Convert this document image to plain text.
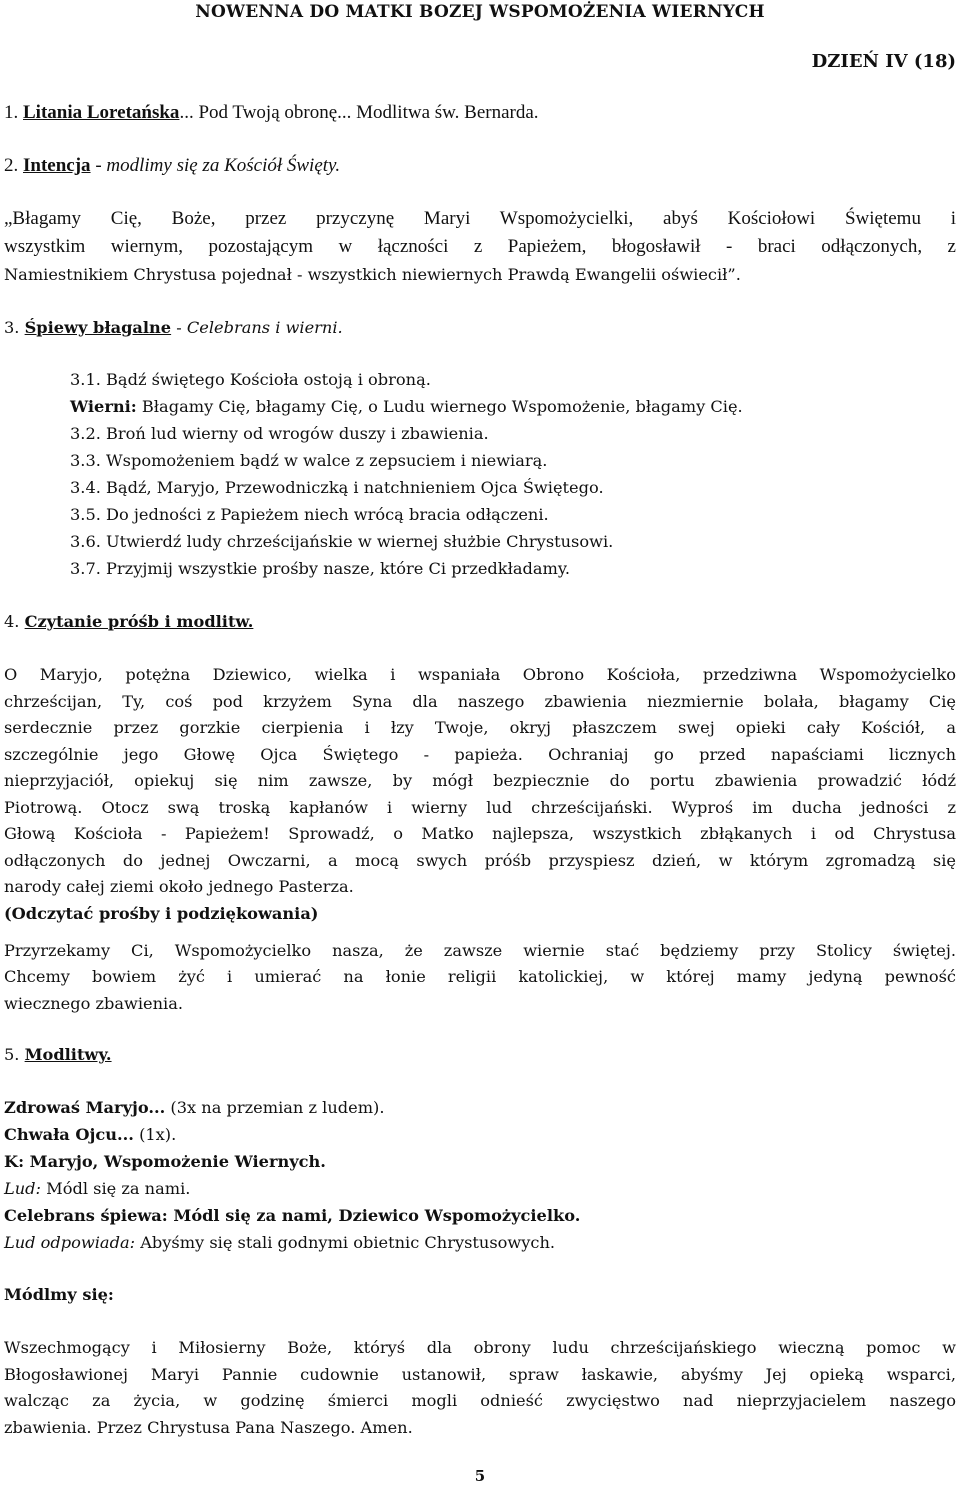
NOWENNA DO MATKI BOZEJ WSPOMOŻENIA WIERNYCH
DZIEŃ IV (18)
1. Litania Loretańska... Pod Twoją obronę... Modlitwa św. Bernarda.
2. Intencja - modlimy się za Kościół Święty.
„Błagamy Cię, Boże, przez przyczynę Maryi Wspomożycielki, abyś Kościołowi Świętemu i
wszystkim wiernym, pozostającym w łączności z Papieżem, błogosławił - braci odłączonych, z
Namiestnikiem Chrystusa pojednał - wszystkich niewiernych Prawdą Ewangelii oświecił”.
3. Śpiewy błagalne - Celebrans i wierni.
3.1. Bądź świętego Kościoła ostoją i obroną.
Wierni: Błagamy Cię, błagamy Cię, o Ludu wiernego Wspomożenie, błagamy Cię.
3.2. Broń lud wierny od wrogów duszy i zbawienia.
3.3. Wspomożeniem bądź w walce z zepsuciem i niewiarą.
3.4. Bądź, Maryjo, Przewodniczką i natchnieniem Ojca Świętego.
3.5. Do jedności z Papieżem niech wrócą bracia odłączeni.
3.6. Utwierdź ludy chrześcijańskie w wiernej służbie Chrystusowi.
3.7. Przyjmij wszystkie prośby nasze, które Ci przedkładamy.
4. Czytanie próśb i modlitw.
O Maryjo, potężna Dziewico, wielka i wspaniała Obrono Kościoła, przedziwna Wspomożycielko
chrześcijan, Ty, coś pod krzyżem Syna dla naszego zbawienia niezmiernie bolała, błagamy Cię
serdecznie przez gorzkie cierpienia i łzy Twoje, okryj płaszczem swej opieki cały Kościół, a
szczególnie jego Głowę Ojca Świętego - papieża. Ochraniaj go przed napaściami licznych
nieprzyjaciół, opiekuj się nim zawsze, by mógł bezpiecznie do portu zbawienia prowadzić łódź
Piotrową. Otocz swą troską kapłanów i wierny lud chrześcijański. Wyproś im ducha jedności z
Głową Kościoła - Papieżem! Sprowadź, o Matko najlepsza, wszystkich zbłąkanych i od Chrystusa
odłączonych do jednej Owczarni, a mocą swych próśb przyspiesz dzień, w którym zgromadzą się
narody całej ziemi około jednego Pasterza.
(Odczytać prośby i podziękowania)
Przyrzekamy Ci, Wspomożycielko nasza, że zawsze wiernie stać będziemy przy Stolicy świętej.
Chcemy bowiem żyć i umierać na łonie religii katolickiej, w której mamy jedyną pewność
wiecznego zbawienia.
5. Modlitwy.
Zdrowaś Maryjo... (3x na przemian z ludem).
Chwała Ojcu... (1x).
K: Maryjo, Wspomożenie Wiernych.
Lud: Módl się za nami.
Celebrans śpiewa: Módl się za nami, Dziewico Wspomożycielko.
Lud odpowiada: Abyśmy się stali godnymi obietnic Chrystusowych.
Módlmy się:
Wszechmogący i Miłosierny Boże, któryś dla obrony ludu chrześcijańskiego wieczną pomoc w
Błogosławionej Maryi Pannie cudownie ustanowił, spraw łaskawie, abyśmy Jej opieką wsparci,
walcząc za życia, w godzinę śmierci mogli odnieść zwycięstwo nad nieprzyjacielem naszego
zbawienia. Przez Chrystusa Pana Naszego. Amen.
5
